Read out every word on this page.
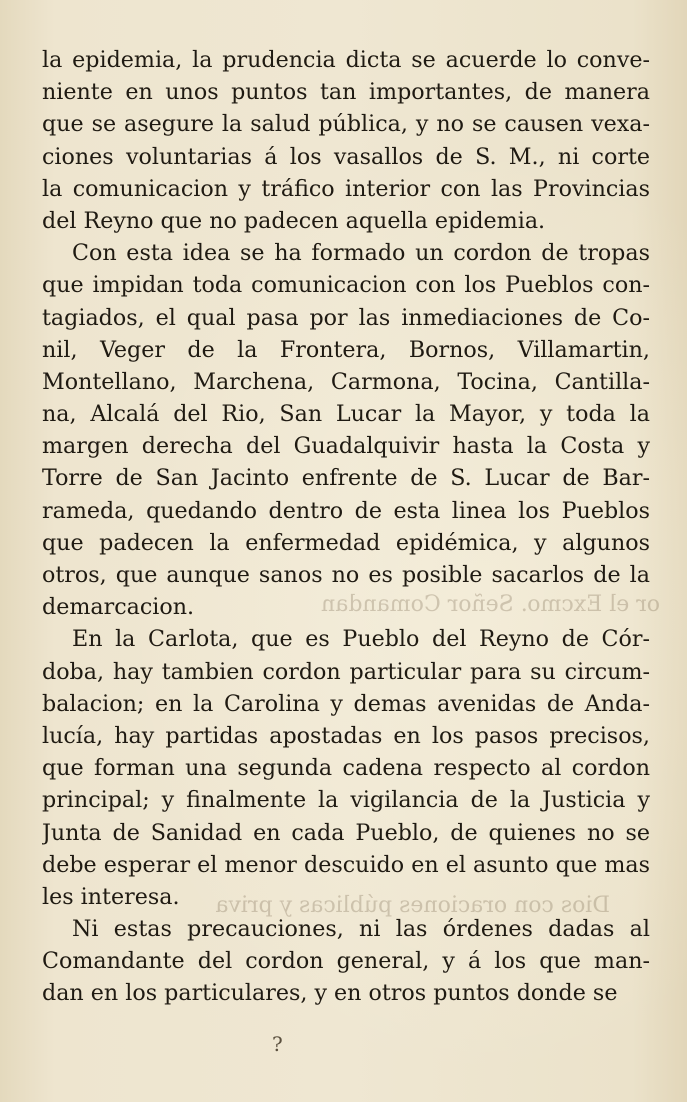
or el Excmo. Señor Comandan
Dios con oraciones públicas y priva
la epidemia, la prudencia dicta se acuerde lo conve-
niente en unos puntos tan importantes, de manera
que se asegure la salud pública, y no se causen vexa-
ciones voluntarias á los vasallos de S. M., ni corte
la comunicacion y tráfico interior con las Provincias
del Reyno que no padecen aquella epidemia.
Con esta idea se ha formado un cordon de tropas
que impidan toda comunicacion con los Pueblos con-
tagiados, el qual pasa por las inmediaciones de Co-
nil, Veger de la Frontera, Bornos, Villamartin,
Montellano, Marchena, Carmona, Tocina, Cantilla-
na, Alcalá del Rio, San Lucar la Mayor, y toda la
margen derecha del Guadalquivir hasta la Costa y
Torre de San Jacinto enfrente de S. Lucar de Bar-
rameda, quedando dentro de esta linea los Pueblos
que padecen la enfermedad epidémica, y algunos
otros, que aunque sanos no es posible sacarlos de la
demarcacion.
En la Carlota, que es Pueblo del Reyno de Cór-
doba, hay tambien cordon particular para su circum-
balacion; en la Carolina y demas avenidas de Anda-
lucía, hay partidas apostadas en los pasos precisos,
que forman una segunda cadena respecto al cordon
principal; y finalmente la vigilancia de la Justicia y
Junta de Sanidad en cada Pueblo, de quienes no se
debe esperar el menor descuido en el asunto que mas
les interesa.
Ni estas precauciones, ni las órdenes dadas al
Comandante del cordon general, y á los que man-
dan en los particulares, y en otros puntos donde se
?
